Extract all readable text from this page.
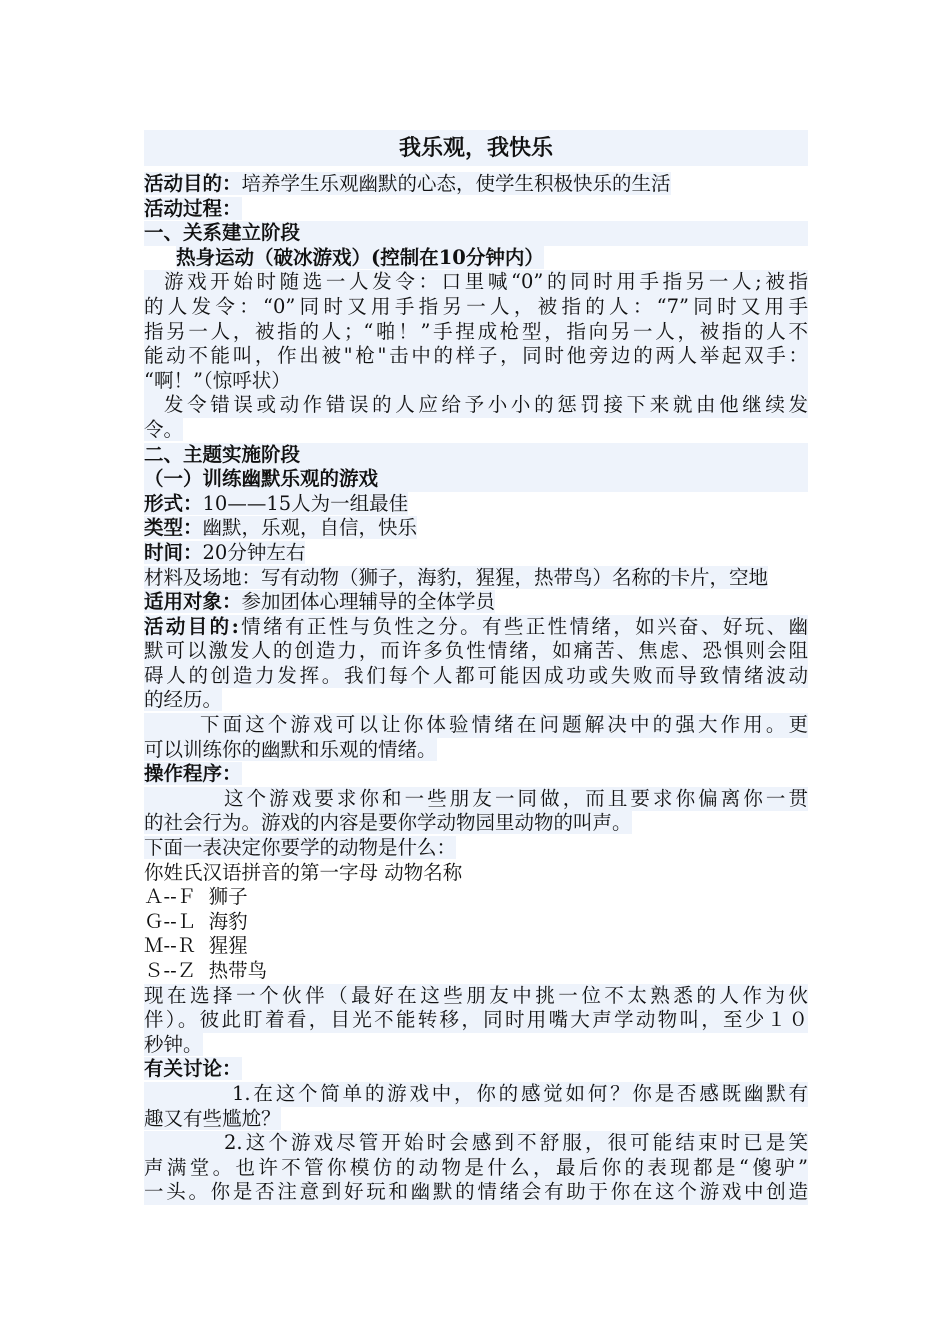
我乐观，我快乐
活动目的：培养学生乐观幽默的心态，使学生积极快乐的生活
活动过程：
一、关系建立阶段
热身运动（破冰游戏）(控制在10分钟内）
游戏开始时随选一人发令：口里喊“0”的同时用手指另一人;被指
的人发令：“0”同时又用手指另一人，被指的人：“7”同时又用手
指另一人，被指的人；“啪！”手捏成枪型，指向另一人，被指的人不
能动不能叫，作出被"枪"击中的样子，同时他旁边的两人举起双手：
“啊！”（惊呼状）
发令错误或动作错误的人应给予小小的惩罚接下来就由他继续发
令。
二、主题实施阶段
（一）训练幽默乐观的游戏
形式：10——15人为一组最佳
类型：幽默，乐观，自信，快乐
时间：20分钟左右
材料及场地：写有动物（狮子，海豹，猩猩，热带鸟）名称的卡片，空地
适用对象：参加团体心理辅导的全体学员
活动目的:情绪有正性与负性之分。有些正性情绪，如兴奋、好玩、幽
默可以激发人的创造力，而许多负性情绪，如痛苦、焦虑、恐惧则会阻
碍人的创造力发挥。我们每个人都可能因成功或失败而导致情绪波动
的经历。
下面这个游戏可以让你体验情绪在问题解决中的强大作用。更
可以训练你的幽默和乐观的情绪。
操作程序：
这个游戏要求你和一些朋友一同做，而且要求你偏离你一贯
的社会行为。游戏的内容是要你学动物园里动物的叫声。
下面一表决定你要学的动物是什么：
你姓氏汉语拼音的第一字母 动物名称
Ａ--Ｆ  狮子
Ｇ--Ｌ  海豹
Ｍ--Ｒ  猩猩
Ｓ--Ｚ  热带鸟
现在选择一个伙伴（最好在这些朋友中挑一位不太熟悉的人作为伙
伴）。彼此盯着看，目光不能转移，同时用嘴大声学动物叫，至少１０
秒钟。
有关讨论：
1.在这个简单的游戏中，你的感觉如何？你是否感既幽默有
趣又有些尴尬？
2.这个游戏尽管开始时会感到不舒服，很可能结束时已是笑
声满堂。也许不管你模仿的动物是什么，最后你的表现都是“傻驴”
一头。你是否注意到好玩和幽默的情绪会有助于你在这个游戏中创造
